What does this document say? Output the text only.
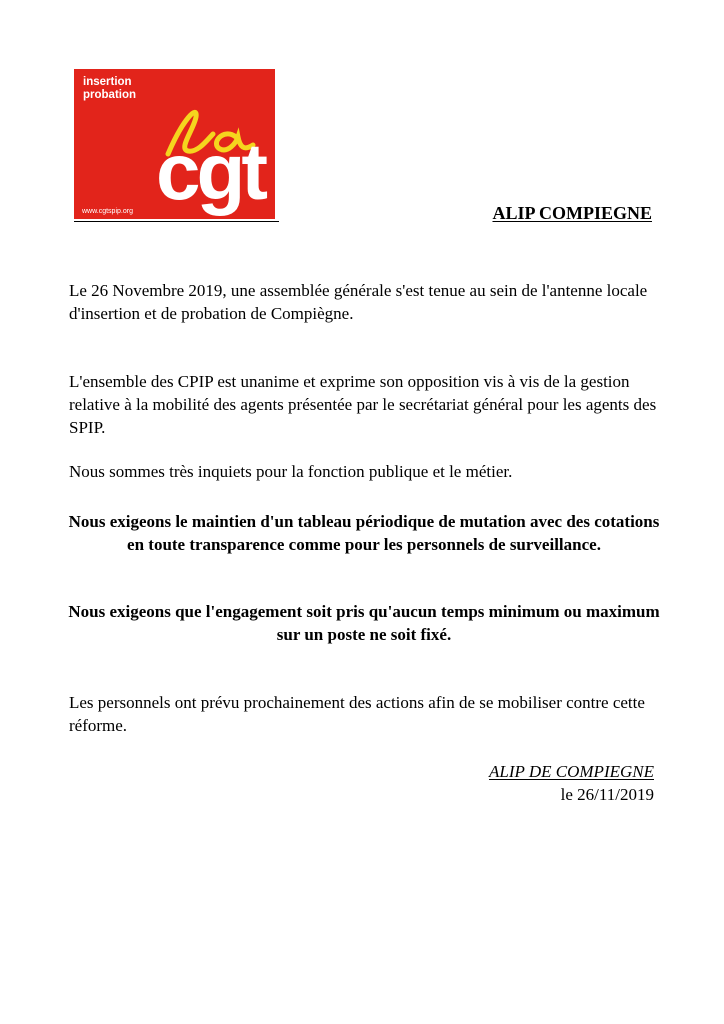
insertion
probation
cgt
www.cgtspip.org	ALIP COMPIEGNE

Le 26 Novembre 2019, une assemblée générale s'est tenue au sein de l'antenne locale d'insertion et de probation de Compiègne.

L'ensemble des CPIP est unanime et exprime son opposition vis à vis de la gestion relative à la mobilité des agents présentée par le secrétariat général pour les agents des SPIP.

Nous sommes très inquiets pour la fonction publique et le métier.

Nous exigeons le maintien d'un tableau périodique de mutation avec des cotations en toute transparence comme pour les personnels de surveillance.

Nous exigeons que l'engagement soit pris qu'aucun temps minimum ou maximum sur un poste ne soit fixé.

Les personnels ont prévu prochainement des actions afin de se mobiliser contre cette réforme.

ALIP DE COMPIEGNE

le 26/11/2019
